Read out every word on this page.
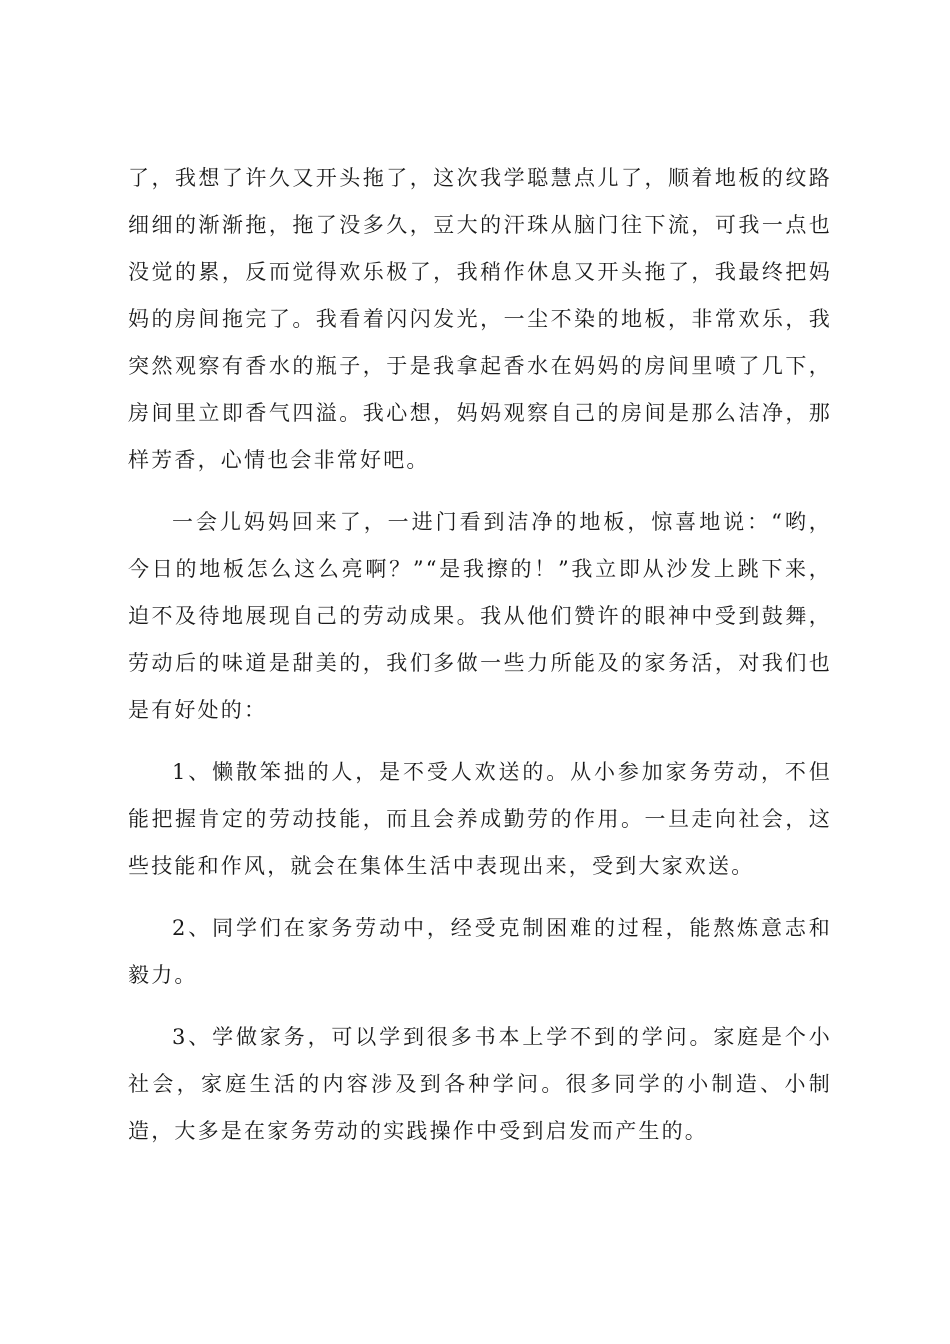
了，我想了许久又开头拖了，这次我学聪慧点儿了，顺着地板的纹路细细的渐渐拖，拖了没多久，豆大的汗珠从脑门往下流，可我一点也没觉的累，反而觉得欢乐极了，我稍作休息又开头拖了，我最终把妈妈的房间拖完了。我看着闪闪发光，一尘不染的地板，非常欢乐，我突然观察有香水的瓶子，于是我拿起香水在妈妈的房间里喷了几下，房间里立即香气四溢。我心想，妈妈观察自己的房间是那么洁净，那样芳香，心情也会非常好吧。

一会儿妈妈回来了，一进门看到洁净的地板，惊喜地说：“哟，今日的地板怎么这么亮啊？”“是我擦的！”我立即从沙发上跳下来，迫不及待地展现自己的劳动成果。我从他们赞许的眼神中受到鼓舞，劳动后的味道是甜美的，我们多做一些力所能及的家务活，对我们也是有好处的：

1、懒散笨拙的人，是不受人欢送的。从小参加家务劳动，不但能把握肯定的劳动技能，而且会养成勤劳的作用。一旦走向社会，这些技能和作风，就会在集体生活中表现出来，受到大家欢送。

2、同学们在家务劳动中，经受克制困难的过程，能熬炼意志和毅力。

3、学做家务，可以学到很多书本上学不到的学问。家庭是个小社会，家庭生活的内容涉及到各种学问。很多同学的小制造、小制造，大多是在家务劳动的实践操作中受到启发而产生的。
